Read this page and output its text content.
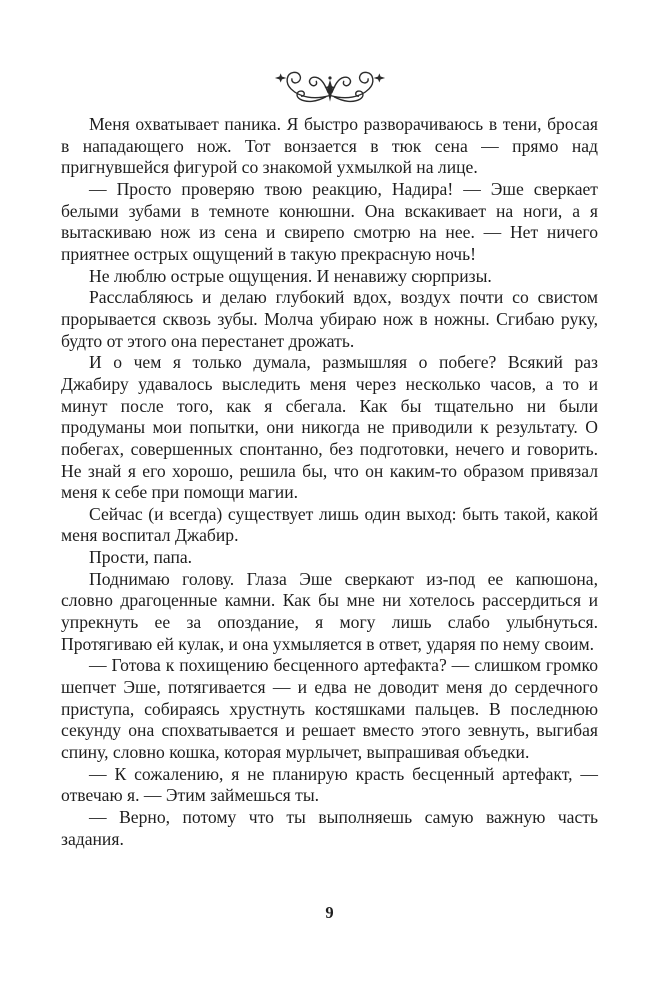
Меня охватывает паника. Я быстро разворачиваюсь в тени, бросая в нападающего нож. Тот вонзается в тюк сена — прямо над пригнувшейся фигурой со знакомой ухмылкой на лице.

— Просто проверяю твою реакцию, Надира! — Эше сверкает белыми зубами в темноте конюшни. Она вскакивает на ноги, а я вытаскиваю нож из сена и свирепо смотрю на нее. — Нет ничего приятнее острых ощущений в такую прекрасную ночь!

Не люблю острые ощущения. И ненавижу сюрпризы.

Расслабляюсь и делаю глубокий вдох, воздух почти со свистом прорывается сквозь зубы. Молча убираю нож в ножны. Сгибаю руку, будто от этого она перестанет дрожать.

И о чем я только думала, размышляя о побеге? Всякий раз Джабиру удавалось выследить меня через несколько часов, а то и минут после того, как я сбегала. Как бы тщательно ни были продуманы мои попытки, они никогда не приводили к результату. О побегах, совершенных спонтанно, без подготовки, нечего и говорить. Не знай я его хорошо, решила бы, что он каким-то образом привязал меня к себе при помощи магии.

Сейчас (и всегда) существует лишь один выход: быть такой, какой меня воспитал Джабир.

Прости, папа.

Поднимаю голову. Глаза Эше сверкают из-под ее капюшона, словно драгоценные камни. Как бы мне ни хотелось рассердиться и упрекнуть ее за опоздание, я могу лишь слабо улыбнуться. Протягиваю ей кулак, и она ухмыляется в ответ, ударяя по нему своим.

— Готова к похищению бесценного артефакта? — слишком громко шепчет Эше, потягивается — и едва не доводит меня до сердечного приступа, собираясь хрустнуть костяшками пальцев. В последнюю секунду она спохватывается и решает вместо этого зевнуть, выгибая спину, словно кошка, которая мурлычет, выпрашивая объедки.

— К сожалению, я не планирую красть бесценный артефакт, — отвечаю я. — Этим займешься ты.

— Верно, потому что ты выполняешь самую важную часть задания.

9
